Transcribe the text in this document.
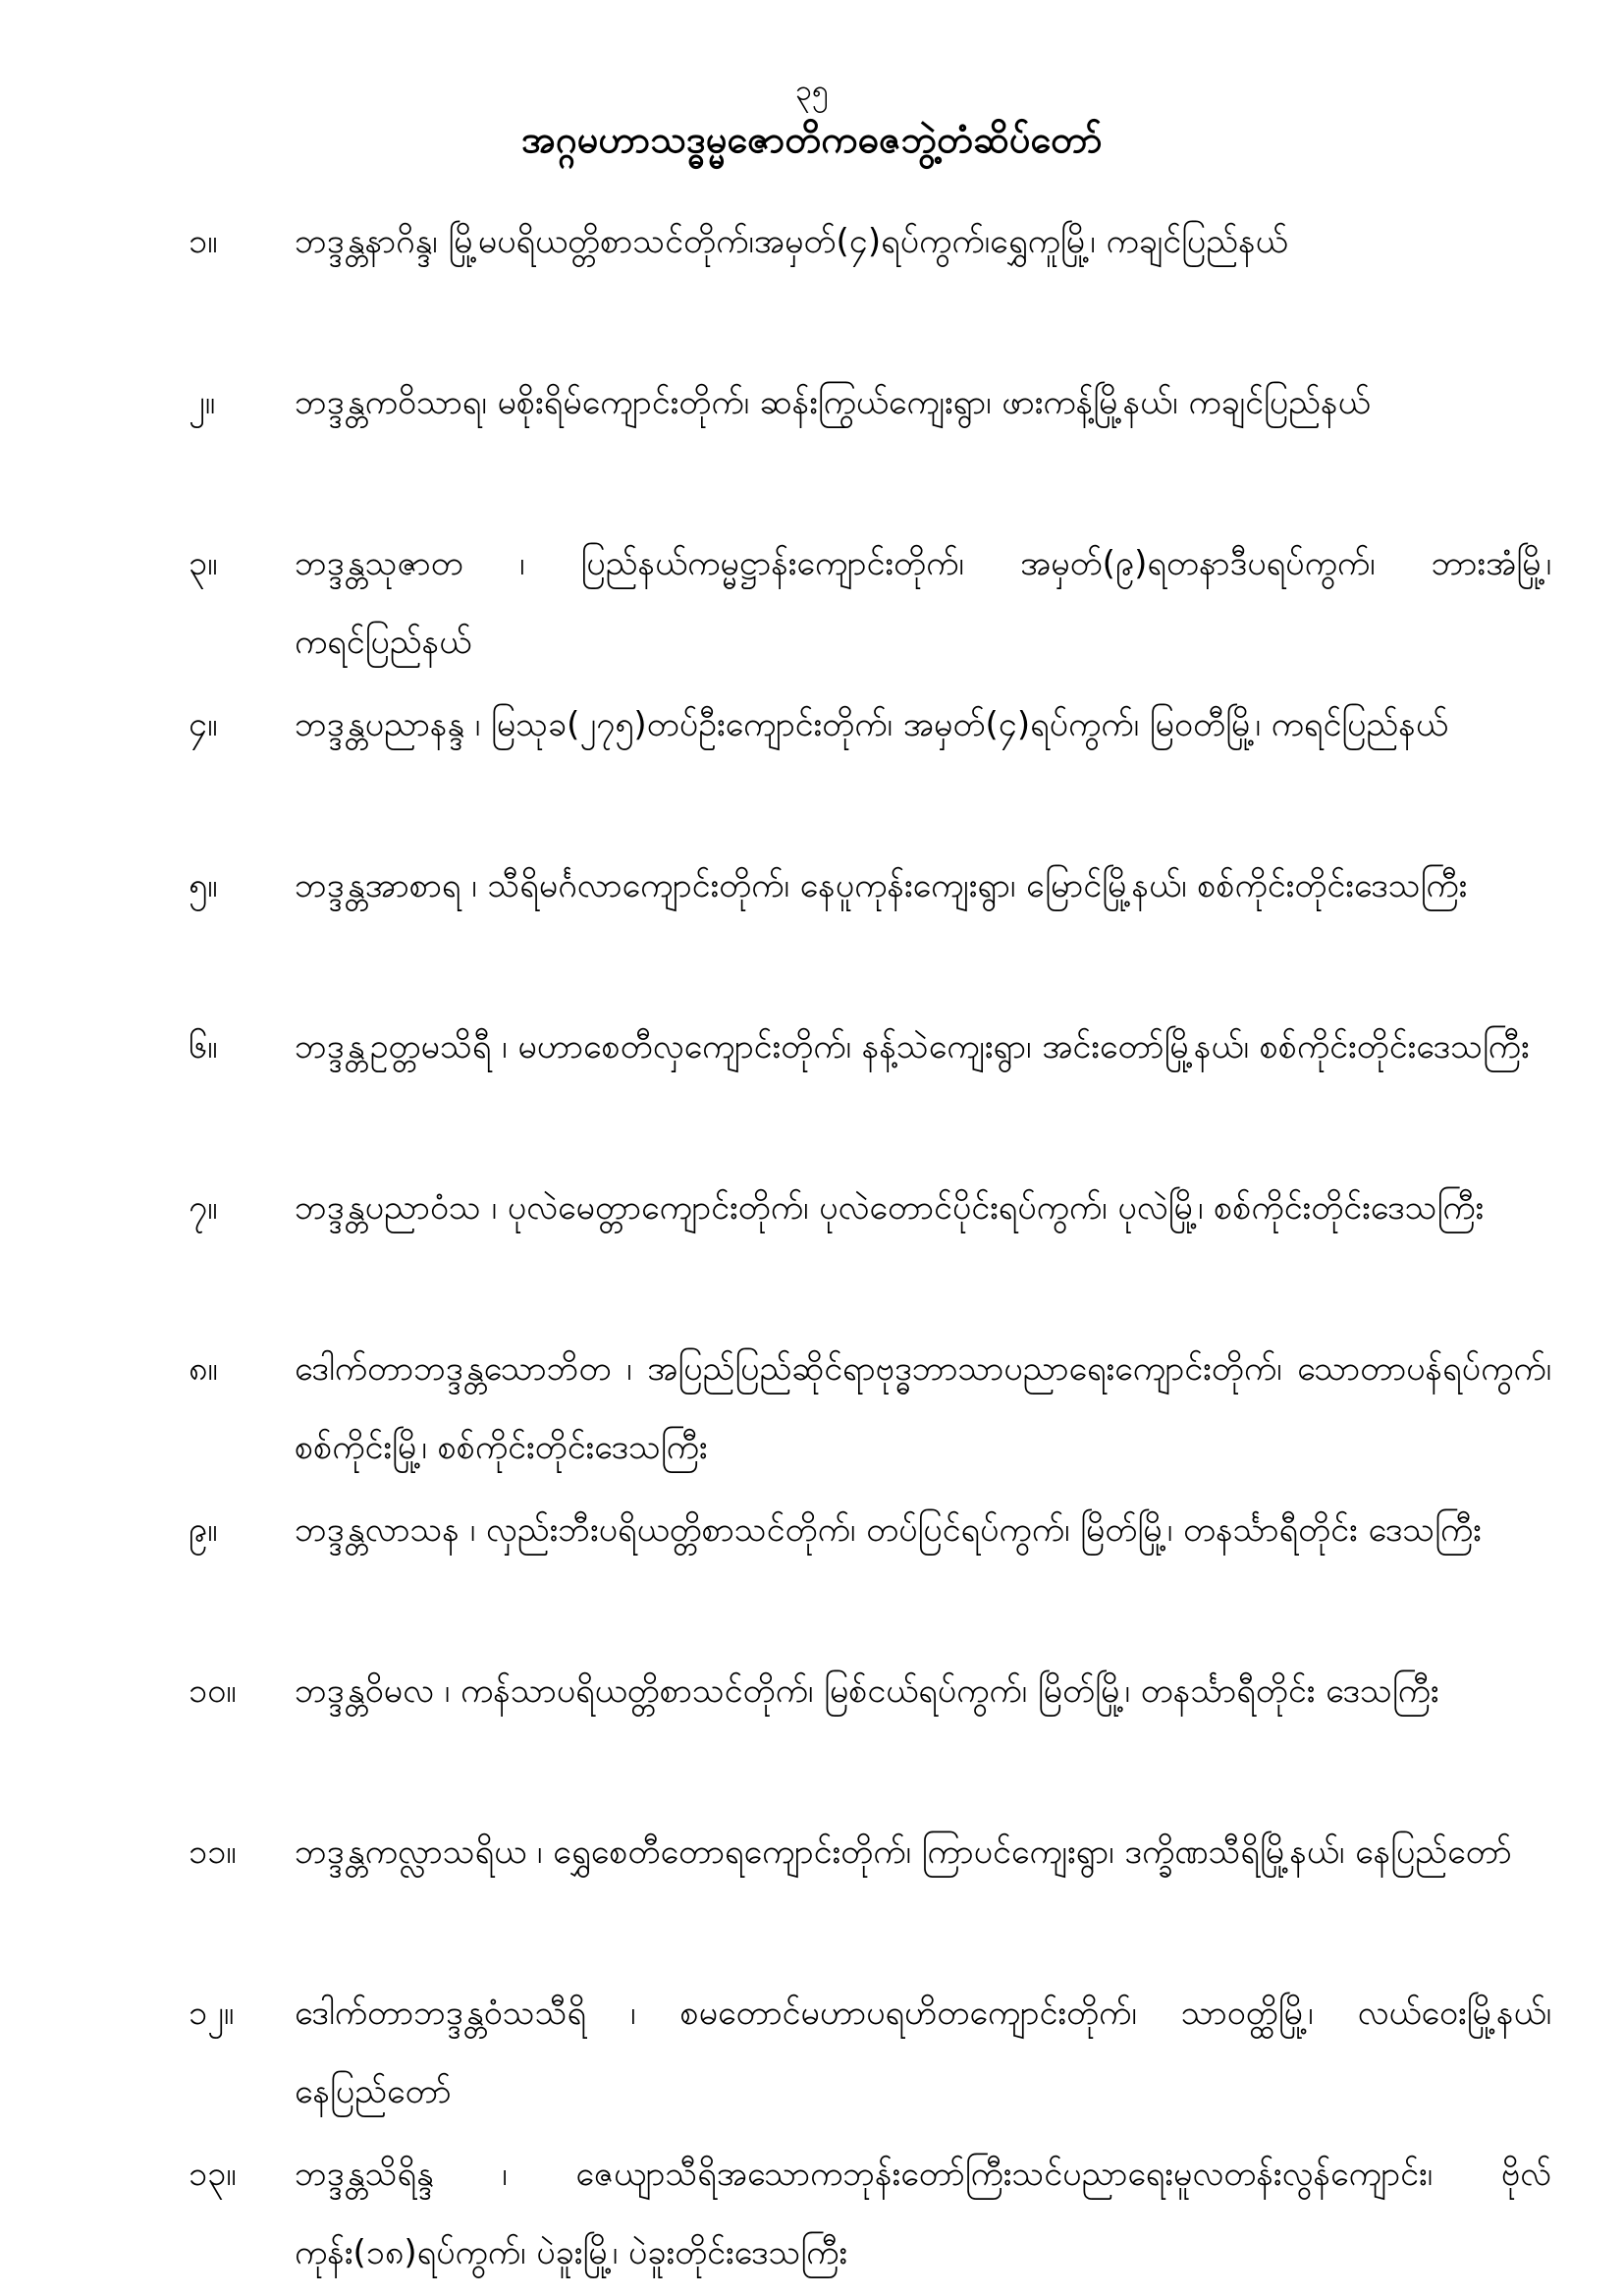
၃၅
အဂ္ဂမဟာသဒ္ဓမ္မဇောတိကဓဇဘွဲ့တံဆိပ်တော်
၁။	ဘဒ္ဒန္တနာဂိန္ဒ၊ မြို့မပရိယတ္တိစာသင်တိုက်၊အမှတ်(၄)ရပ်ကွက်၊ရွှေကူမြို့၊ ကချင်ပြည်နယ်
၂။	ဘဒ္ဒန္တကဝိသာရ၊ မစိုးရိမ်ကျောင်းတိုက်၊ ဆန်းကြွယ်ကျေးရွာ၊ ဖားကန့်မြို့နယ်၊ ကချင်ပြည်နယ်
၃။	ဘဒ္ဒန္တသုဇာတ ၊ ပြည်နယ်ကမ္မဋ္ဌာန်းကျောင်းတိုက်၊ အမှတ်(၉)ရတနာဒီပရပ်ကွက်၊ ဘားအံမြို့၊ ကရင်ပြည်နယ်
၄။	ဘဒ္ဒန္တပညာနန္ဒ ၊ မြသုခ(၂၇၅)တပ်ဦးကျောင်းတိုက်၊ အမှတ်(၄)ရပ်ကွက်၊ မြဝတီမြို့၊ ကရင်ပြည်နယ်
၅။	ဘဒ္ဒန္တအာစာရ ၊ သီရိမင်္ဂလာကျောင်းတိုက်၊ နေပူကုန်းကျေးရွာ၊ မြောင်မြို့နယ်၊ စစ်ကိုင်းတိုင်းဒေသကြီး
၆။	ဘဒ္ဒန္တဥတ္တမသိရီ ၊ မဟာစေတီလှကျောင်းတိုက်၊ နန့်သဲကျေးရွာ၊ အင်းတော်မြို့နယ်၊ စစ်ကိုင်းတိုင်းဒေသကြီး
၇။	ဘဒ္ဒန္တပညာဝံသ ၊ ပုလဲမေတ္တာကျောင်းတိုက်၊ ပုလဲတောင်ပိုင်းရပ်ကွက်၊ ပုလဲမြို့၊ စစ်ကိုင်းတိုင်းဒေသကြီး
၈။	ဒေါက်တာဘဒ္ဒန္တသောဘိတ ၊ အပြည်ပြည်ဆိုင်ရာဗုဒ္ဓဘာသာပညာရေးကျောင်းတိုက်၊ သောတာပန်ရပ်ကွက်၊ စစ်ကိုင်းမြို့၊ စစ်ကိုင်းတိုင်းဒေသကြီး
၉။	ဘဒ္ဒန္တလာသန ၊ လှည်းဘီးပရိယတ္တိစာသင်တိုက်၊ တပ်ပြင်ရပ်ကွက်၊ မြိတ်မြို့၊ တနင်္သာရီတိုင်း ဒေသကြီး
၁၀။	ဘဒ္ဒန္တဝိမလ ၊ ကန်သာပရိယတ္တိစာသင်တိုက်၊ မြစ်ငယ်ရပ်ကွက်၊ မြိတ်မြို့၊ တနင်္သာရီတိုင်း ဒေသကြီး
၁၁။	ဘဒ္ဒန္တကလ္လာသရိယ ၊ ရွှေစေတီတောရကျောင်းတိုက်၊ ကြာပင်ကျေးရွာ၊ ဒက္ခိဏသီရိမြို့နယ်၊ နေပြည်တော်
၁၂။	ဒေါက်တာဘဒ္ဒန္တဝံသသီရိ ၊ စမတောင်မဟာပရဟိတကျောင်းတိုက်၊ သာဝတ္ထိမြို့၊ လယ်ဝေးမြို့နယ်၊ နေပြည်တော်
၁၃။	ဘဒ္ဒန္တသိရိန္ဒ ၊ ဇေယျာသီရိအသောကဘုန်းတော်ကြီးသင်ပညာရေးမူလတန်းလွန်ကျောင်း၊ ဗိုလ်ကုန်း(၁၈)ရပ်ကွက်၊ ပဲခူးမြို့၊ ပဲခူးတိုင်းဒေသကြီး
